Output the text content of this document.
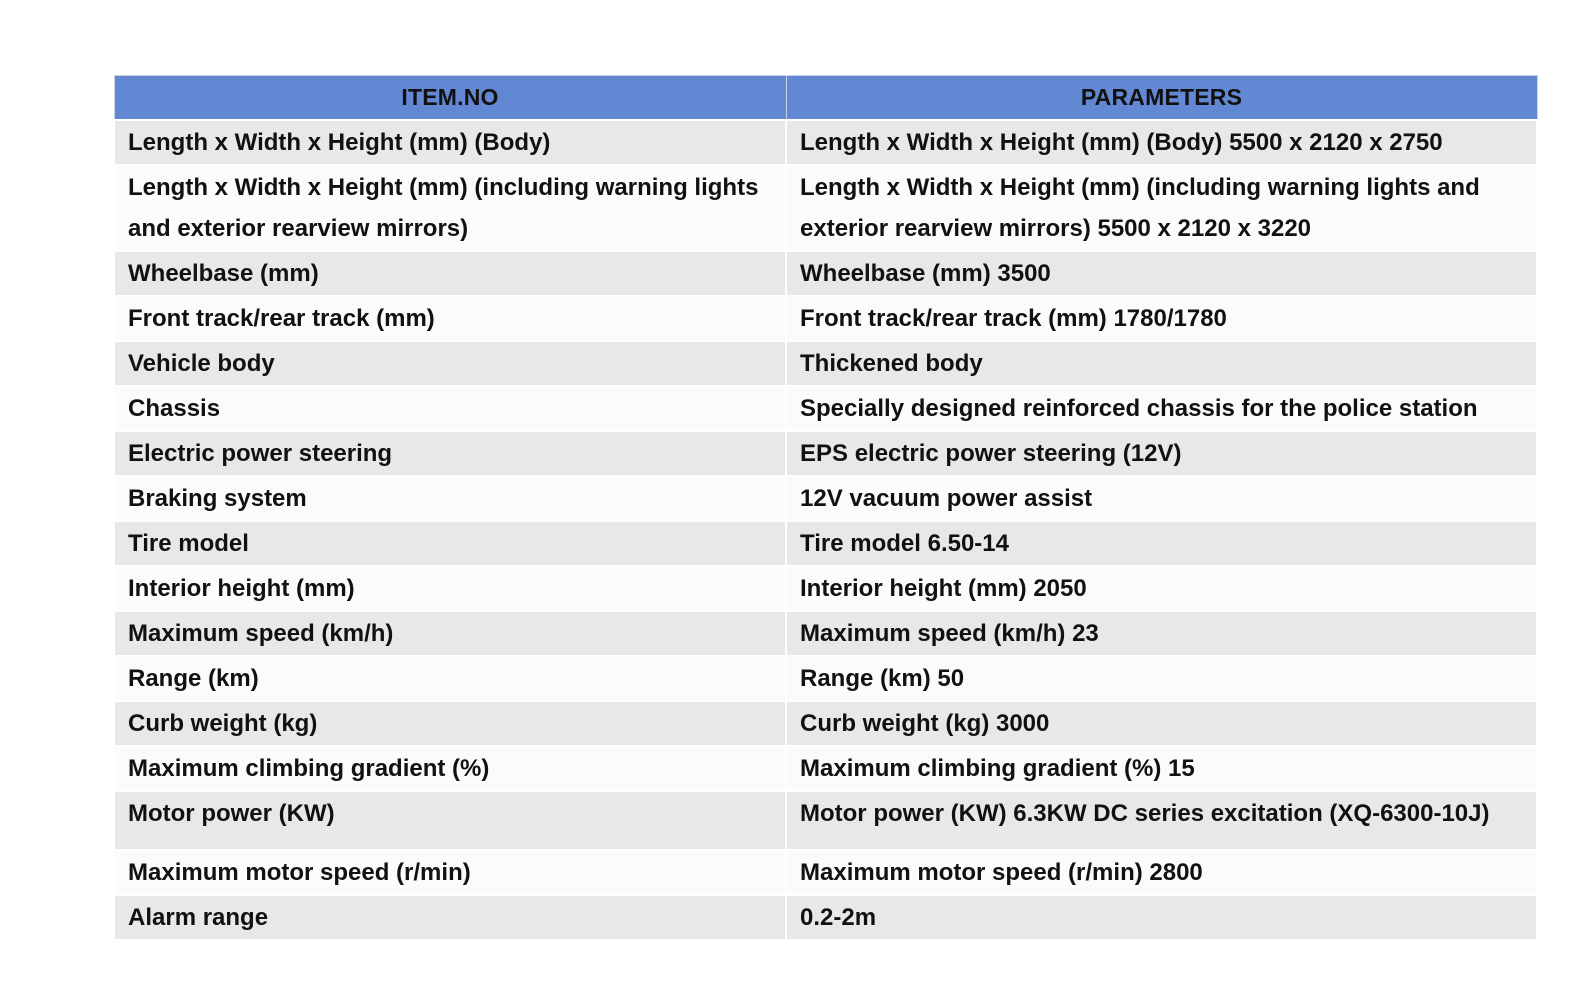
ITEM.NO	PARAMETERS
Length x Width x Height (mm) (Body)	Length x Width x Height (mm) (Body) 5500 x 2120 x 2750
Length x Width x Height (mm) (including warning lights and exterior rearview mirrors)	Length x Width x Height (mm) (including warning lights and exterior rearview mirrors) 5500 x 2120 x 3220
Wheelbase (mm)	Wheelbase (mm) 3500
Front track/rear track (mm)	Front track/rear track (mm) 1780/1780
Vehicle body	Thickened body
Chassis	Specially designed reinforced chassis for the police station
Electric power steering	EPS electric power steering (12V)
Braking system	12V vacuum power assist
Tire model	Tire model 6.50-14
Interior height (mm)	Interior height (mm) 2050
Maximum speed (km/h)	Maximum speed (km/h) 23
Range (km)	Range (km) 50
Curb weight (kg)	Curb weight (kg) 3000
Maximum climbing gradient (%)	Maximum climbing gradient (%) 15
Motor power (KW)	Motor power (KW) 6.3KW DC series excitation (XQ-6300-10J)
Maximum motor speed (r/min)	Maximum motor speed (r/min) 2800
Alarm range	0.2-2m
